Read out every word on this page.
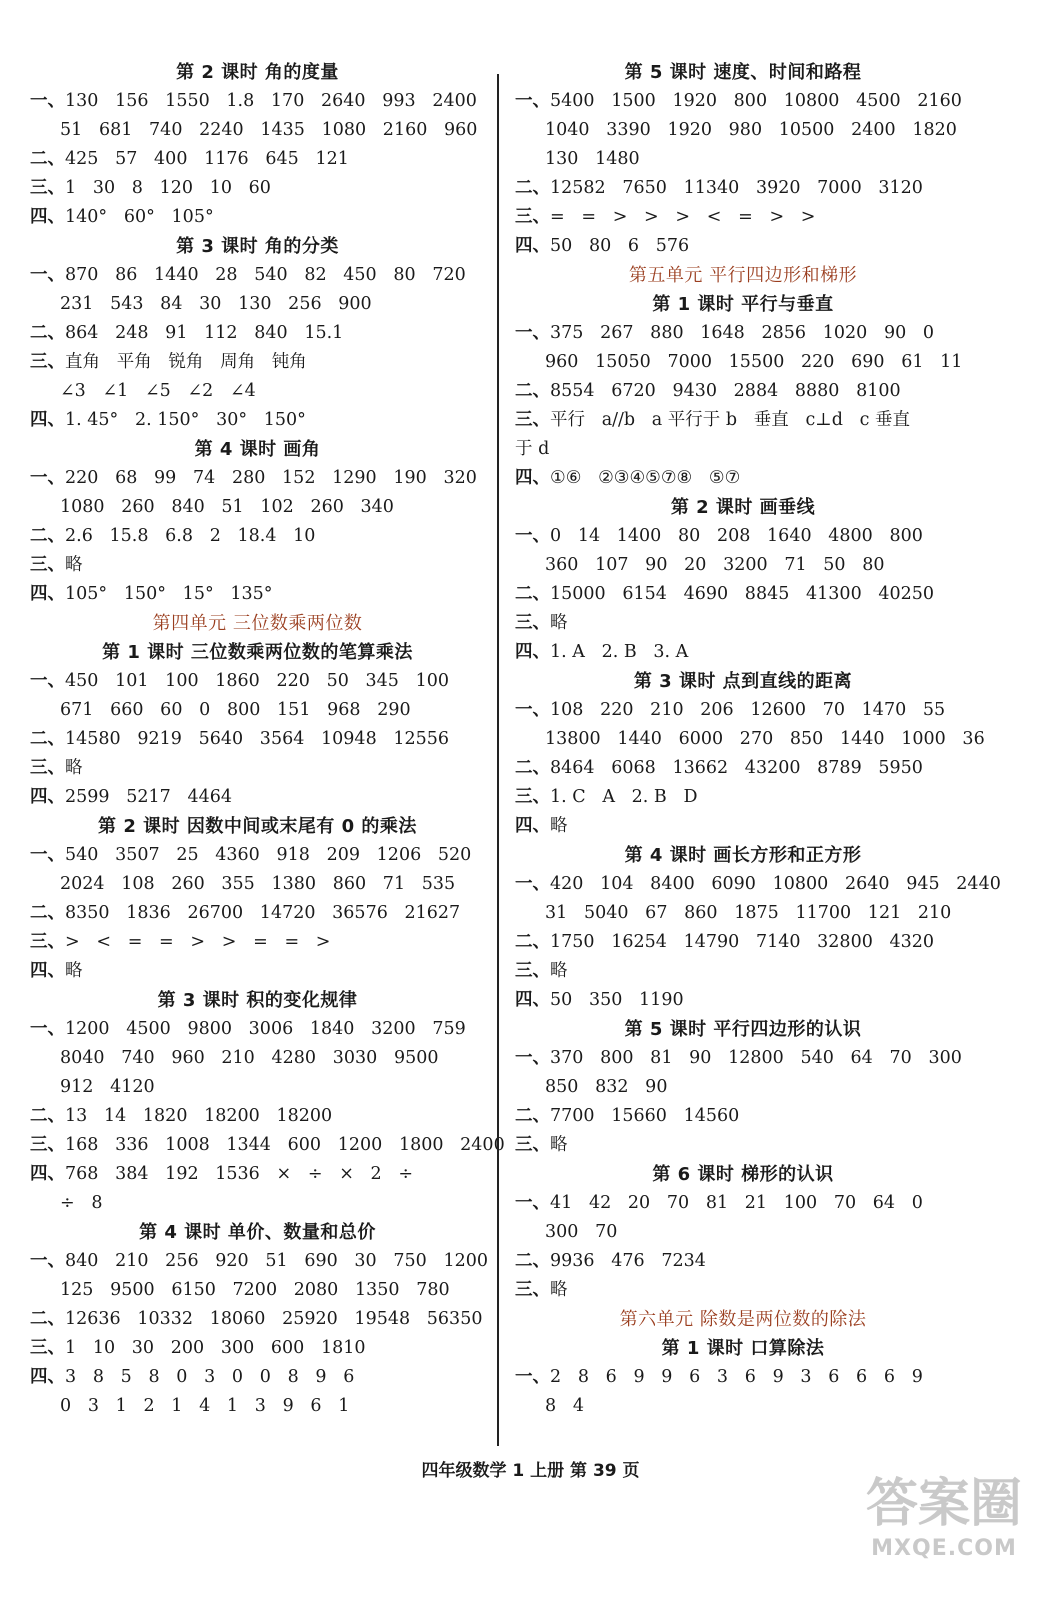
第 2 课时 角的度量
一、130   156   1550   1.8   170   2640   993   2400
51   681   740   2240   1435   1080   2160   960
二、425   57   400   1176   645   121
三、1   30   8   120   10   60
四、140°   60°   105°
第 3 课时 角的分类
一、870   86   1440   28   540   82   450   80   720
231   543   84   30   130   256   900
二、864   248   91   112   840   15.1
三、直角   平角   锐角   周角   钝角
∠3   ∠1   ∠5   ∠2   ∠4
四、1. 45°   2. 150°   30°   150°
第 4 课时 画角
一、220   68   99   74   280   152   1290   190   320
1080   260   840   51   102   260   340
二、2.6   15.8   6.8   2   18.4   10
三、略
四、105°   150°   15°   135°
第四单元 三位数乘两位数
第 1 课时 三位数乘两位数的笔算乘法
一、450   101   100   1860   220   50   345   100
671   660   60   0   800   151   968   290
二、14580   9219   5640   3564   10948   12556
三、略
四、2599   5217   4464
第 2 课时 因数中间或末尾有 0 的乘法
一、540   3507   25   4360   918   209   1206   520
2024   108   260   355   1380   860   71   535
二、8350   1836   26700   14720   36576   21627
三、>   <   =   =   >   >   =   =   >
四、略
第 3 课时 积的变化规律
一、1200   4500   9800   3006   1840   3200   759
8040   740   960   210   4280   3030   9500
912   4120
二、13   14   1820   18200   18200
三、168   336   1008   1344   600   1200   1800   2400
四、768   384   192   1536   ×   ÷   ×   2   ÷
÷   8
第 4 课时 单价、数量和总价
一、840   210   256   920   51   690   30   750   1200
125   9500   6150   7200   2080   1350   780
二、12636   10332   18060   25920   19548   56350
三、1   10   30   200   300   600   1810
四、3   8   5   8   0   3   0   0   8   9   6
0   3   1   2   1   4   1   3   9   6   1
第 5 课时 速度、时间和路程
一、5400   1500   1920   800   10800   4500   2160
1040   3390   1920   980   10500   2400   1820
130   1480
二、12582   7650   11340   3920   7000   3120
三、=   =   >   >   >   <   =   >   >
四、50   80   6   576
第五单元 平行四边形和梯形
第 1 课时 平行与垂直
一、375   267   880   1648   2856   1020   90   0
960   15050   7000   15500   220   690   61   11
二、8554   6720   9430   2884   8880   8100
三、平行   a//b   a 平行于 b   垂直   c⊥d   c 垂直
于 d
四、①⑥   ②③④⑤⑦⑧   ⑤⑦
第 2 课时 画垂线
一、0   14   1400   80   208   1640   4800   800
360   107   90   20   3200   71   50   80
二、15000   6154   4690   8845   41300   40250
三、略
四、1. A   2. B   3. A
第 3 课时 点到直线的距离
一、108   220   210   206   12600   70   1470   55
13800   1440   6000   270   850   1440   1000   36
二、8464   6068   13662   43200   8789   5950
三、1. C   A   2. B   D
四、略
第 4 课时 画长方形和正方形
一、420   104   8400   6090   10800   2640   945   2440
31   5040   67   860   1875   11700   121   210
二、1750   16254   14790   7140   32800   4320
三、略
四、50   350   1190
第 5 课时 平行四边形的认识
一、370   800   81   90   12800   540   64   70   300
850   832   90
二、7700   15660   14560
三、略
第 6 课时 梯形的认识
一、41   42   20   70   81   21   100   70   64   0
300   70
二、9936   476   7234
三、略
第六单元 除数是两位数的除法
第 1 课时 口算除法
一、2   8   6   9   9   6   3   6   9   3   6   6   6   9
8   4
四年级数学 1 上册 第 39 页
答案圈
MXQE.COM
